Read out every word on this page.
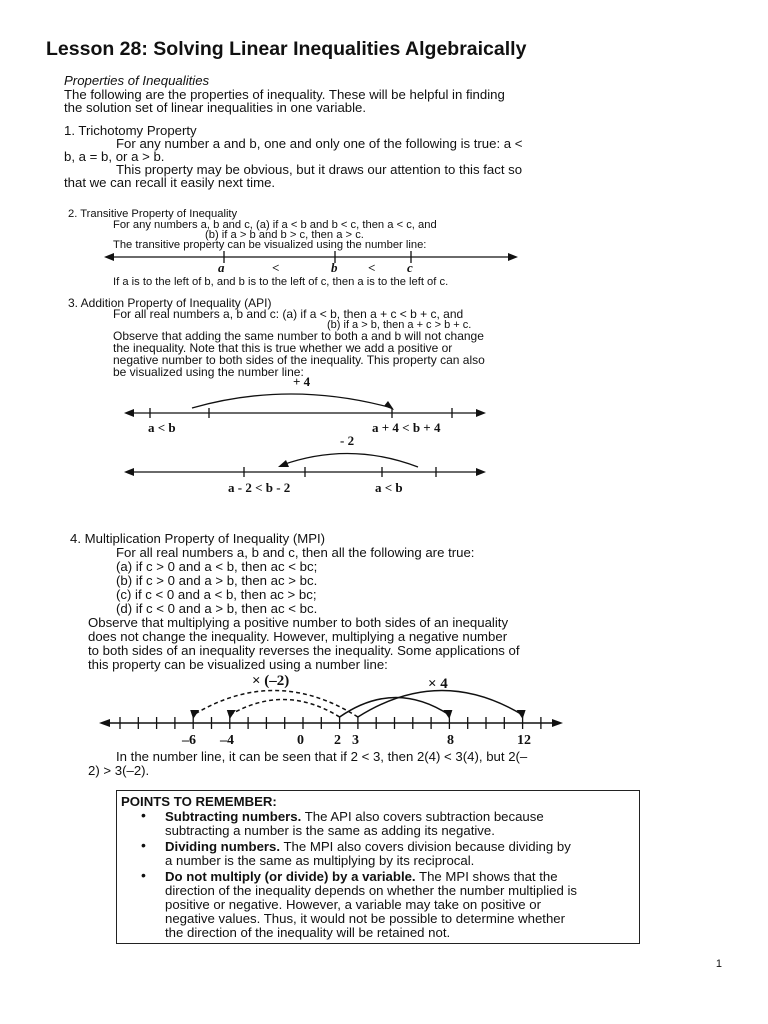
Lesson 28: Solving Linear Inequalities Algebraically
Properties of Inequalities
The following are the properties of inequality. These will be helpful in finding
the solution set of linear inequalities in one variable.
1. Trichotomy Property
For any number a and b, one and only one of the following is true: a <
b, a = b, or a > b.
This property may be obvious, but it draws our attention to this fact so
that we can recall it easily next time.
2. Transitive Property of Inequality
For any numbers a, b and c, (a) if a < b and b < c, then a < c, and
(b) if a > b and b > c, then a > c.
The transitive property can be visualized using the number line:
a	<	b < c
If a is to the left of b, and b is to the left of c, then a is to the left of c.
3. Addition Property of Inequality (API)
For all real numbers a, b and c: (a) if a < b, then a + c < b + c, and
(b) if a > b, then a + c > b + c.
Observe that adding the same number to both a and b will not change
the inequality. Note that this is true whether we add a positive or
negative number to both sides of the inequality. This property can also
be visualized using the number line:
+ 4
a < b	a + 4 < b + 4
- 2
a - 2 < b - 2	a < b
4. Multiplication Property of Inequality (MPI)
For all real numbers a, b and c, then all the following are true:
(a) if c > 0 and a < b, then ac < bc;
(b) if c > 0 and a > b, then ac > bc.
(c) if c < 0 and a < b, then ac > bc;
(d) if c < 0 and a > b, then ac < bc.
Observe that multiplying a positive number to both sides of an inequality
does not change the inequality. However, multiplying a negative number
to both sides of an inequality reverses the inequality. Some applications of
this property can be visualized using a number line:
× (–2)	× 4
–6 –4	0 2 3	8	12
In the number line, it can be seen that if 2 < 3, then 2(4) < 3(4), but 2(–
2) > 3(–2).
POINTS TO REMEMBER:
• Subtracting numbers. The API also covers subtraction because
subtracting a number is the same as adding its negative.
• Dividing numbers. The MPI also covers division because dividing by
a number is the same as multiplying by its reciprocal.
• Do not multiply (or divide) by a variable. The MPI shows that the
direction of the inequality depends on whether the number multiplied is
positive or negative. However, a variable may take on positive or
negative values. Thus, it would not be possible to determine whether
the direction of the inequality will be retained not.
1
